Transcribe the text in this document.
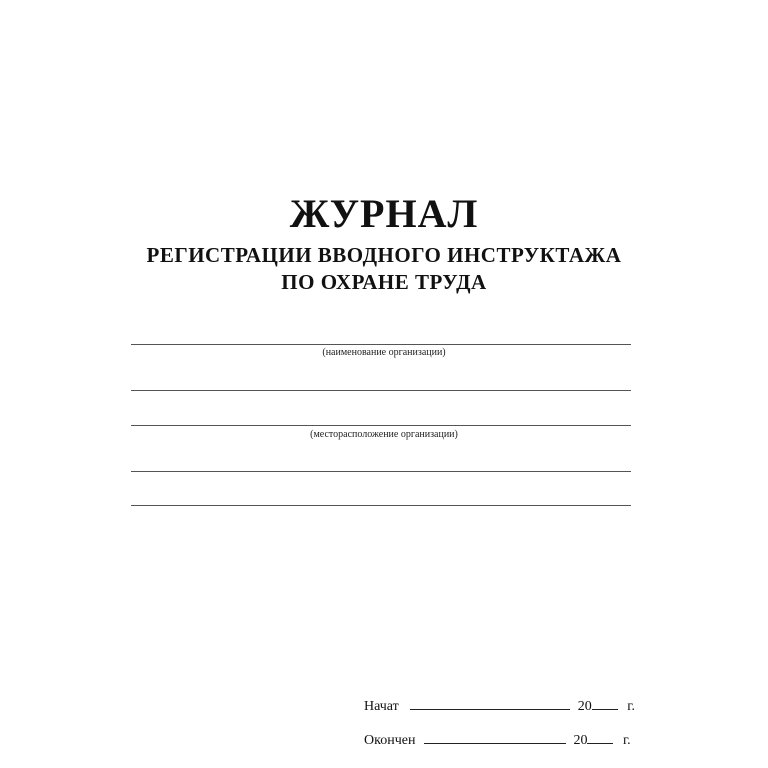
ЖУРНАЛ
РЕГИСТРАЦИИ ВВОДНОГО ИНСТРУКТАЖА
ПО ОХРАНЕ ТРУДА
(наименование организации)
(месторасположение организации)
Начат	20	г.
Окончен	20	г.
